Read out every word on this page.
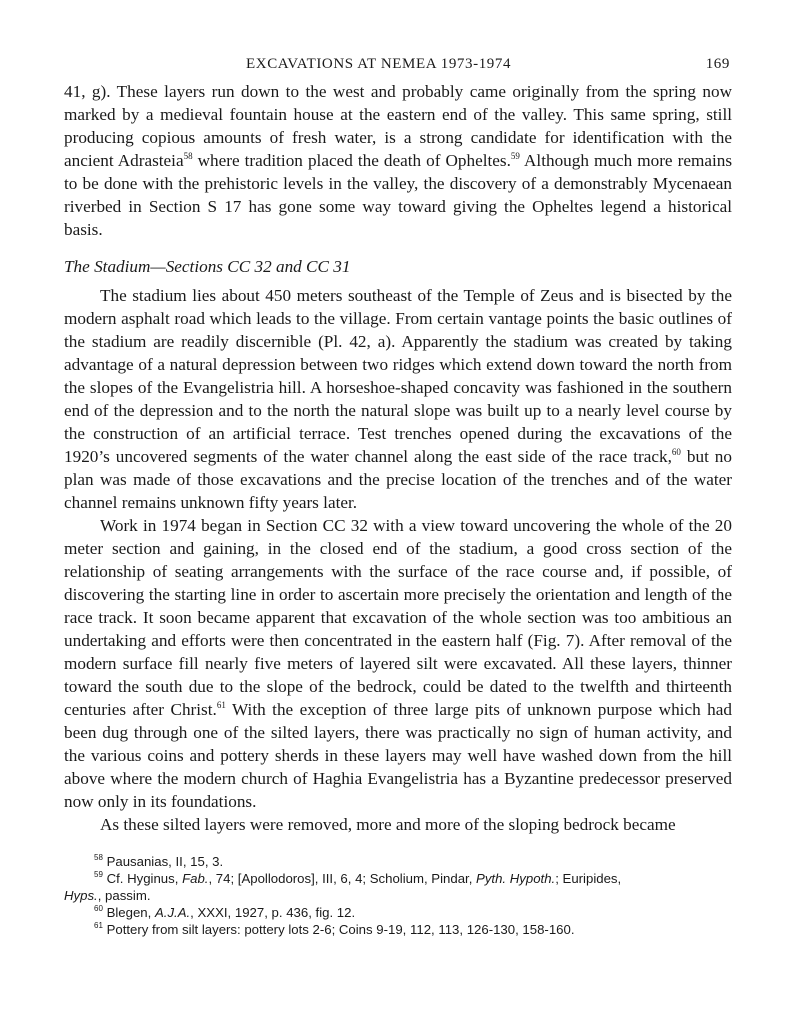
EXCAVATIONS AT NEMEA 1973-1974	169

41, g). These layers run down to the west and probably came originally from the spring now marked by a medieval fountain house at the eastern end of the valley. This same spring, still producing copious amounts of fresh water, is a strong candidate for identification with the ancient Adrasteia$^{58}$ where tradition placed the death of Opheltes.$^{59}$ Although much more remains to be done with the prehistoric levels in the valley, the discovery of a demonstrably Mycenaean riverbed in Section S 17 has gone some way toward giving the Opheltes legend a historical basis.

The Stadium—Sections CC 32 and CC 31

The stadium lies about 450 meters southeast of the Temple of Zeus and is bisected by the modern asphalt road which leads to the village. From certain vantage points the basic outlines of the stadium are readily discernible (Pl. 42, a). Apparently the stadium was created by taking advantage of a natural depression between two ridges which extend down toward the north from the slopes of the Evangelistria hill. A horseshoe-shaped concavity was fashioned in the southern end of the depression and to the north the natural slope was built up to a nearly level course by the construction of an artificial terrace. Test trenches opened during the excavations of the 1920’s uncovered segments of the water channel along the east side of the race track,$^{60}$ but no plan was made of those excavations and the precise location of the trenches and of the water channel remains unknown fifty years later.

Work in 1974 began in Section CC 32 with a view toward uncovering the whole of the 20 meter section and gaining, in the closed end of the stadium, a good cross section of the relationship of seating arrangements with the surface of the race course and, if possible, of discovering the starting line in order to ascertain more precisely the orientation and length of the race track. It soon became apparent that excavation of the whole section was too ambitious an undertaking and efforts were then concentrated in the eastern half (Fig. 7). After removal of the modern surface fill nearly five meters of layered silt were excavated. All these layers, thinner toward the south due to the slope of the bedrock, could be dated to the twelfth and thirteenth centuries after Christ.$^{61}$ With the exception of three large pits of unknown purpose which had been dug through one of the silted layers, there was practically no sign of human activity, and the various coins and pottery sherds in these layers may well have washed down from the hill above where the modern church of Haghia Evangelistria has a Byzantine predecessor preserved now only in its foundations.

As these silted layers were removed, more and more of the sloping bedrock became

$^{58}$ Pausanias, II, 15, 3.
$^{59}$ Cf. Hyginus, Fab., 74; [Apollodoros], III, 6, 4; Scholium, Pindar, Pyth. Hypoth.; Euripides,
Hyps., passim.
$^{60}$ Blegen, A.J.A., XXXI, 1927, p. 436, fig. 12.
$^{61}$ Pottery from silt layers: pottery lots 2-6; Coins 9-19, 112, 113, 126-130, 158-160.
